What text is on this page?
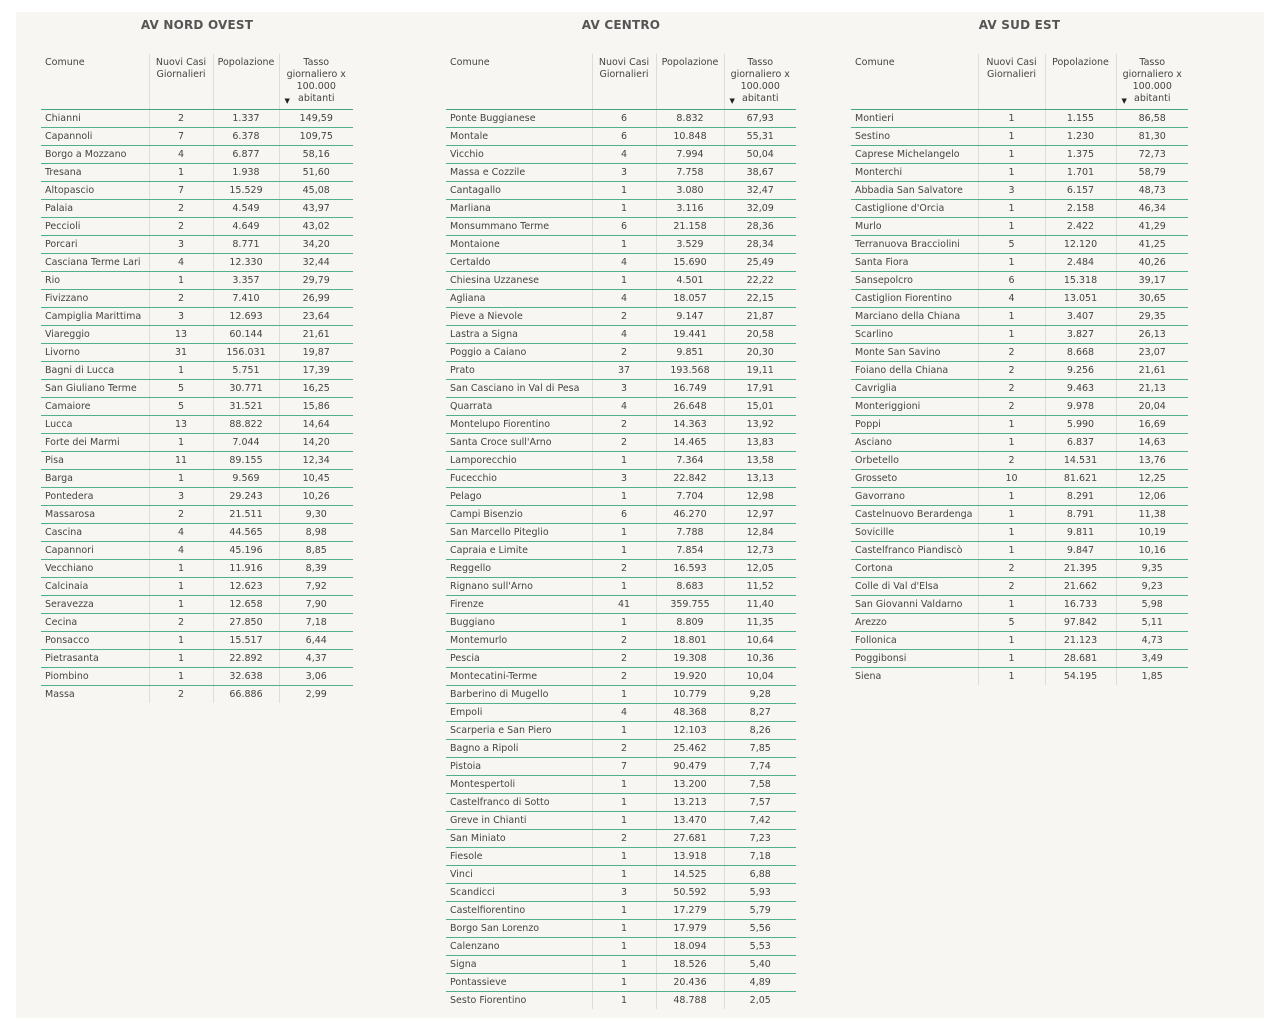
AV NORD OVEST
Comune	Nuovi Casi Giornalieri	Popolazione	Tasso giornaliero x 100.000 abitanti
▼

Chianni	2	1.337	149,59
Capannoli	7	6.378	109,75
Borgo a Mozzano	4	6.877	58,16
Tresana	1	1.938	51,60
Altopascio	7	15.529	45,08
Palaia	2	4.549	43,97
Peccioli	2	4.649	43,02
Porcari	3	8.771	34,20
Casciana Terme Lari	4	12.330	32,44
Rio	1	3.357	29,79
Fivizzano	2	7.410	26,99
Campiglia Marittima	3	12.693	23,64
Viareggio	13	60.144	21,61
Livorno	31	156.031	19,87
Bagni di Lucca	1	5.751	17,39
San Giuliano Terme	5	30.771	16,25
Camaiore	5	31.521	15,86
Lucca	13	88.822	14,64
Forte dei Marmi	1	7.044	14,20
Pisa	11	89.155	12,34
Barga	1	9.569	10,45
Pontedera	3	29.243	10,26
Massarosa	2	21.511	9,30
Cascina	4	44.565	8,98
Capannori	4	45.196	8,85
Vecchiano	1	11.916	8,39
Calcinaia	1	12.623	7,92
Seravezza	1	12.658	7,90
Cecina	2	27.850	7,18
Ponsacco	1	15.517	6,44
Pietrasanta	1	22.892	4,37
Piombino	1	32.638	3,06
Massa	2	66.886	2,99
AV CENTRO
Comune	Nuovi Casi Giornalieri	Popolazione	Tasso giornaliero x 100.000 abitanti
▼

Ponte Buggianese	6	8.832	67,93
Montale	6	10.848	55,31
Vicchio	4	7.994	50,04
Massa e Cozzile	3	7.758	38,67
Cantagallo	1	3.080	32,47
Marliana	1	3.116	32,09
Monsummano Terme	6	21.158	28,36
Montaione	1	3.529	28,34
Certaldo	4	15.690	25,49
Chiesina Uzzanese	1	4.501	22,22
Agliana	4	18.057	22,15
Pieve a Nievole	2	9.147	21,87
Lastra a Signa	4	19.441	20,58
Poggio a Caiano	2	9.851	20,30
Prato	37	193.568	19,11
San Casciano in Val di Pesa	3	16.749	17,91
Quarrata	4	26.648	15,01
Montelupo Fiorentino	2	14.363	13,92
Santa Croce sull'Arno	2	14.465	13,83
Lamporecchio	1	7.364	13,58
Fucecchio	3	22.842	13,13
Pelago	1	7.704	12,98
Campi Bisenzio	6	46.270	12,97
San Marcello Piteglio	1	7.788	12,84
Capraia e Limite	1	7.854	12,73
Reggello	2	16.593	12,05
Rignano sull'Arno	1	8.683	11,52
Firenze	41	359.755	11,40
Buggiano	1	8.809	11,35
Montemurlo	2	18.801	10,64
Pescia	2	19.308	10,36
Montecatini-Terme	2	19.920	10,04
Barberino di Mugello	1	10.779	9,28
Empoli	4	48.368	8,27
Scarperia e San Piero	1	12.103	8,26
Bagno a Ripoli	2	25.462	7,85
Pistoia	7	90.479	7,74
Montespertoli	1	13.200	7,58
Castelfranco di Sotto	1	13.213	7,57
Greve in Chianti	1	13.470	7,42
San Miniato	2	27.681	7,23
Fiesole	1	13.918	7,18
Vinci	1	14.525	6,88
Scandicci	3	50.592	5,93
Castelfiorentino	1	17.279	5,79
Borgo San Lorenzo	1	17.979	5,56
Calenzano	1	18.094	5,53
Signa	1	18.526	5,40
Pontassieve	1	20.436	4,89
Sesto Fiorentino	1	48.788	2,05
AV SUD EST
Comune	Nuovi Casi Giornalieri	Popolazione	Tasso giornaliero x 100.000 abitanti
▼

Montieri	1	1.155	86,58
Sestino	1	1.230	81,30
Caprese Michelangelo	1	1.375	72,73
Monterchi	1	1.701	58,79
Abbadia San Salvatore	3	6.157	48,73
Castiglione d'Orcia	1	2.158	46,34
Murlo	1	2.422	41,29
Terranuova Bracciolini	5	12.120	41,25
Santa Fiora	1	2.484	40,26
Sansepolcro	6	15.318	39,17
Castiglion Fiorentino	4	13.051	30,65
Marciano della Chiana	1	3.407	29,35
Scarlino	1	3.827	26,13
Monte San Savino	2	8.668	23,07
Foiano della Chiana	2	9.256	21,61
Cavriglia	2	9.463	21,13
Monteriggioni	2	9.978	20,04
Poppi	1	5.990	16,69
Asciano	1	6.837	14,63
Orbetello	2	14.531	13,76
Grosseto	10	81.621	12,25
Gavorrano	1	8.291	12,06
Castelnuovo Berardenga	1	8.791	11,38
Sovicille	1	9.811	10,19
Castelfranco Piandiscò	1	9.847	10,16
Cortona	2	21.395	9,35
Colle di Val d'Elsa	2	21.662	9,23
San Giovanni Valdarno	1	16.733	5,98
Arezzo	5	97.842	5,11
Follonica	1	21.123	4,73
Poggibonsi	1	28.681	3,49
Siena	1	54.195	1,85
